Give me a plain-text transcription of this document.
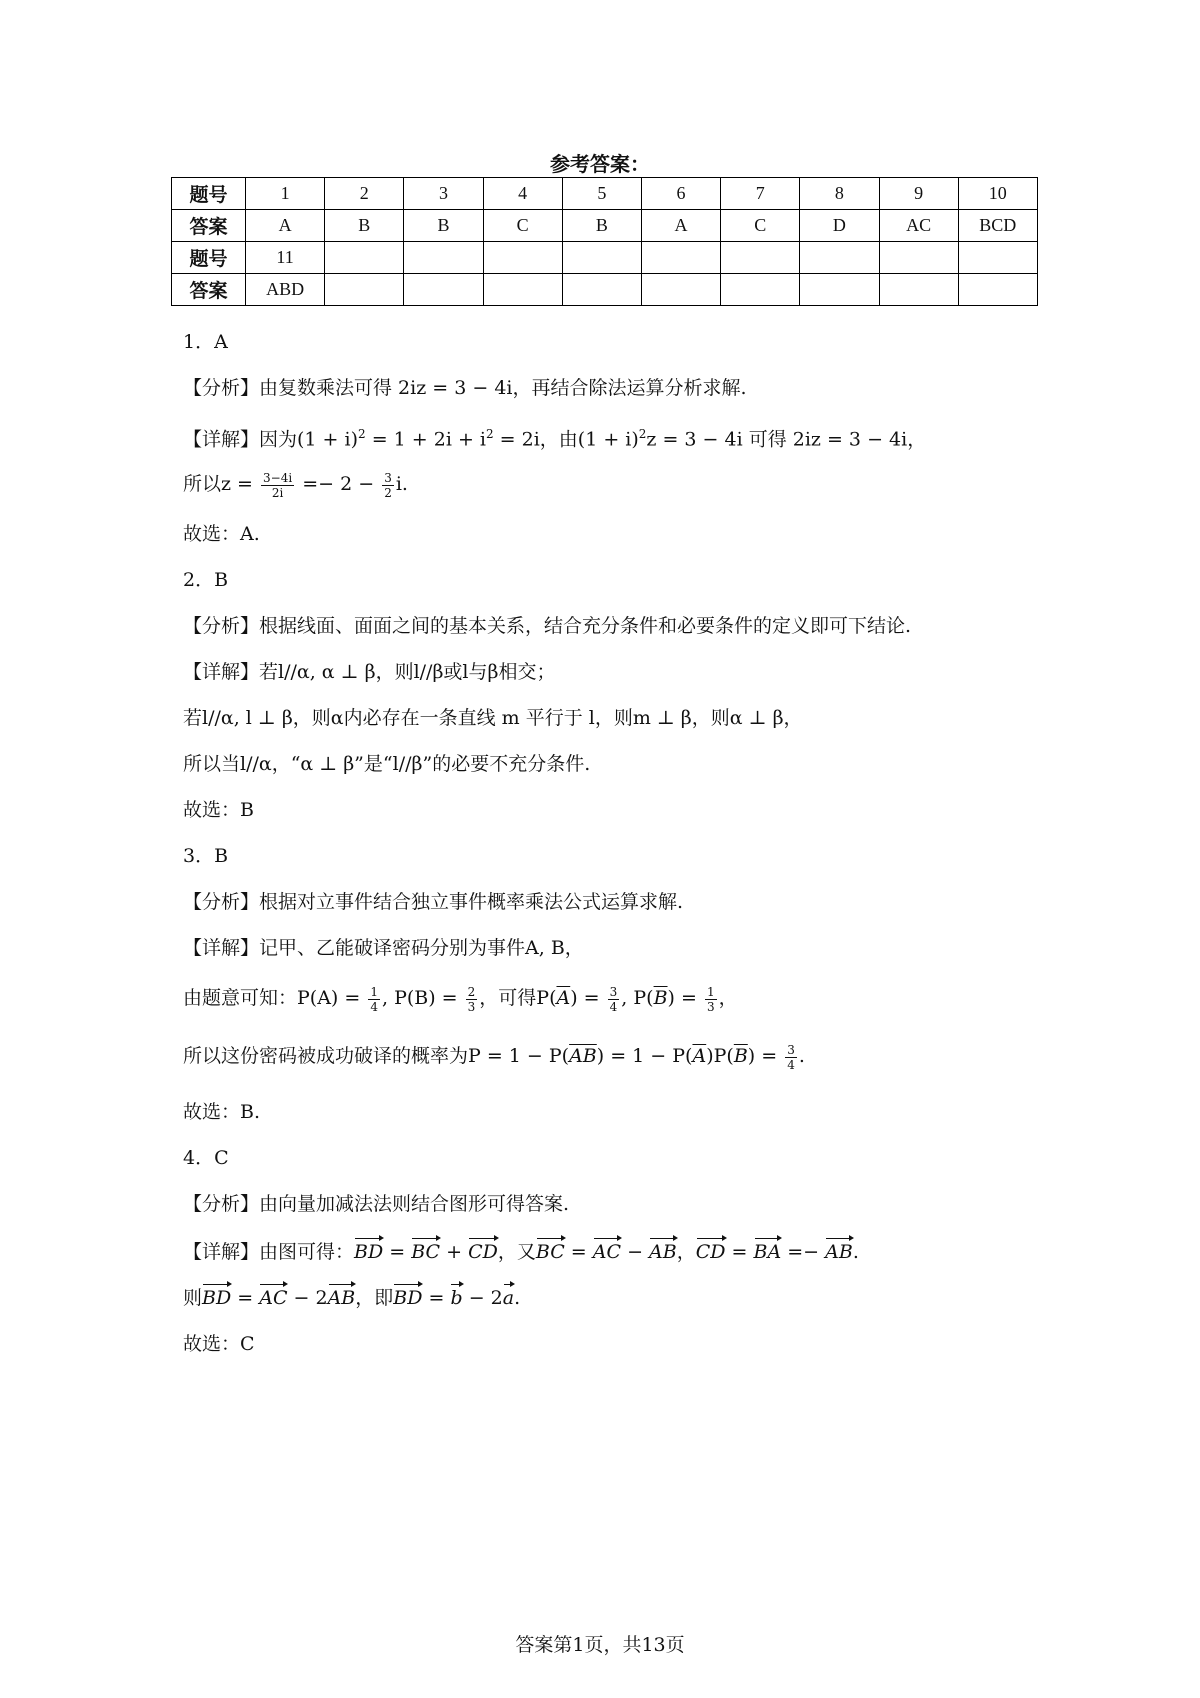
参考答案：
题号	1	2	3	4	5	6	7	8	9	10
答案	A	B	B	C	B	A	C	D	AC	BCD
题号	11									
答案	ABD									
1．A
【分析】由复数乘法可得 2iz = 3 − 4i，再结合除法运算分析求解.
【详解】因为$(1 + i)^2 = 1 + 2i + i^2 = 2i$，由$(1 + i)^2z = 3 - 4i$ 可得 2iz = 3 − 4i，
所以$z = \frac{3-4i}{2i} =- 2 - \frac{3}{2} i$.
故选：A.
2．B
【分析】根据线面、面面之间的基本关系，结合充分条件和必要条件的定义即可下结论.
【详解】若l//α, α ⊥ β，则l//β或l与β相交；
若l//α, l ⊥ β，则α内必存在一条直线 m 平行于 l，则m ⊥ β，则α ⊥ β，
所以当l//α，“α ⊥ β”是“l//β”的必要不充分条件.
故选：B
3．B
【分析】根据对立事件结合独立事件概率乘法公式运算求解.
【详解】记甲、乙能破译密码分别为事件A, B，
由题意可知：$P(A) = \frac{1}{4}$ , $P(B) = \frac{2}{3}$ ，可得$P(\overline{A}) = \frac{3}{4}$ , $P(\overline{B}) = \frac{1}{3}$ ，
所以这份密码被成功破译的概率为$P = 1 - P(\overline{AB}) = 1 - P(\overline{A})P(\overline{B}) = \frac{3}{4}$ .
故选：B.
4．C
【分析】由向量加减法法则结合图形可得答案.
【详解】由图可得：BD = BC + CD，又BC = AC − AB，CD = BA =− AB.
则BD = AC − 2AB，即BD = b − 2a.
故选：C
答案第1页，共13页
